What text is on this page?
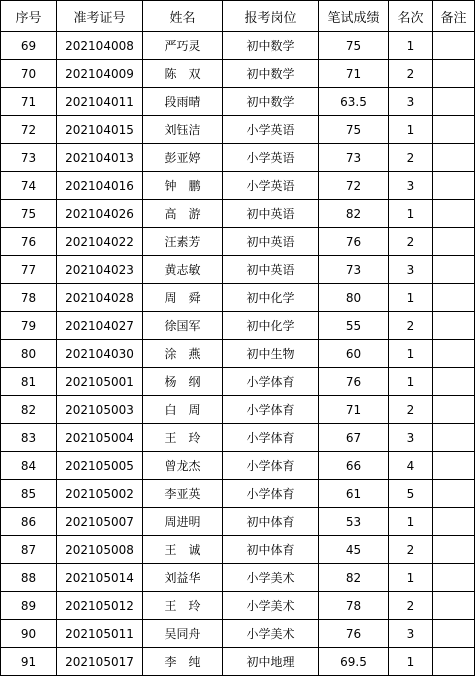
序号	准考证号	姓名	报考岗位	笔试成绩	名次	备注
69	202104008	严巧灵	初中数学	75	1	
70	202104009	陈　双	初中数学	71	2	
71	202104011	段雨晴	初中数学	63.5	3	
72	202104015	刘钰洁	小学英语	75	1	
73	202104013	彭亚婷	小学英语	73	2	
74	202104016	钟　鹏	小学英语	72	3	
75	202104026	高　游	初中英语	82	1	
76	202104022	汪素芳	初中英语	76	2	
77	202104023	黄志敏	初中英语	73	3	
78	202104028	周　舜	初中化学	80	1	
79	202104027	徐国军	初中化学	55	2	
80	202104030	涂　燕	初中生物	60	1	
81	202105001	杨　纲	小学体育	76	1	
82	202105003	白　周	小学体育	71	2	
83	202105004	王　玲	小学体育	67	3	
84	202105005	曾龙杰	小学体育	66	4	
85	202105002	李亚英	小学体育	61	5	
86	202105007	周进明	初中体育	53	1	
87	202105008	王　诚	初中体育	45	2	
88	202105014	刘益华	小学美术	82	1	
89	202105012	王　玲	小学美术	78	2	
90	202105011	吴同舟	小学美术	76	3	
91	202105017	李　纯	初中地理	69.5	1	
